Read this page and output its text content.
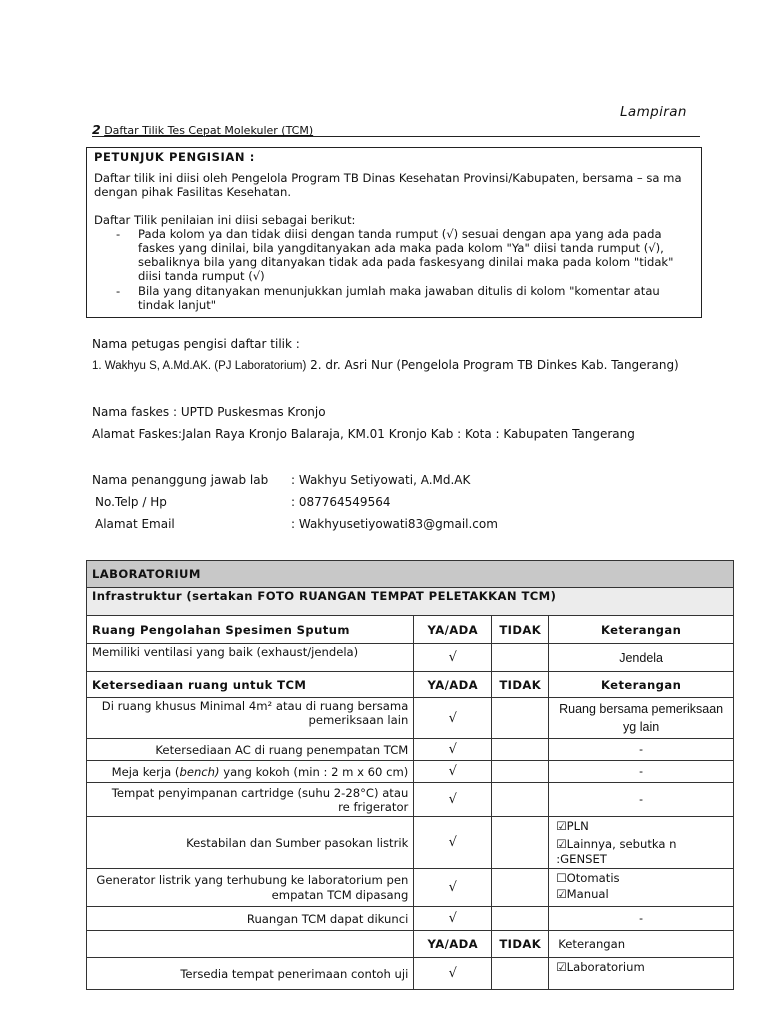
Lampiran
2 Daftar Tilik Tes Cepat Molekuler (TCM)
PETUNJUK PENGISIAN :

Daftar tilik ini diisi oleh Pengelola Program TB Dinas Kesehatan Provinsi/Kabupaten, bersama – sa ma dengan pihak Fasilitas Kesehatan.

Daftar Tilik penilaian ini diisi sebagai berikut:

- Pada kolom ya dan tidak diisi dengan tanda rumput (√) sesuai dengan apa yang ada pada faskes yang dinilai, bila yangditanyakan ada maka pada kolom "Ya" diisi tanda rumput (√), sebaliknya bila yang ditanyakan tidak ada pada faskesyang dinilai maka pada kolom "tidak" diisi tanda rumput (√)
- Bila yang ditanyakan menunjukkan jumlah maka jawaban ditulis di kolom "komentar atau tindak lanjut"
Nama petugas pengisi daftar tilik :
1. Wakhyu S, A.Md.AK. (PJ Laboratorium) 2. dr. Asri Nur (Pengelola Program TB Dinkes Kab. Tangerang)
Nama faskes : UPTD Puskesmas Kronjo
Alamat Faskes:Jalan Raya Kronjo Balaraja, KM.01 Kronjo Kab : Kota : Kabupaten Tangerang
Nama penanggung jawab lab : Wakhyu Setiyowati, A.Md.AK
No.Telp / Hp	: 087764549564
Alamat Email	: Wakhyusetiyowati83@gmail.com
LABORATORIUM			
Infrastruktur (sertakan FOTO RUANGAN TEMPAT PELETAKKAN TCM)			
Ruang Pengolahan Spesimen Sputum	YA/ADA	TIDAK	Keterangan
Memiliki ventilasi yang baik (exhaust/jendela)	√		Jendela
Ketersediaan ruang untuk TCM	YA/ADA	TIDAK	Keterangan
Di ruang khusus Minimal 4m² atau di ruang bersama pemeriksaan lain	√		Ruang bersama pemeriksaan yg lain
Ketersediaan AC di ruang penempatan TCM	√		-
Meja kerja (bench) yang kokoh (min : 2 m x 60 cm)	√		-
Tempat penyimpanan cartridge (suhu 2-28°C) atau re frigerator	√		-
Kestabilan dan Sumber pasokan listrik	√		☑PLN
☑Lainnya, sebutka n :GENSET

Generator listrik yang terhubung ke laboratorium pen empatan TCM dipasang	√		☐Otomatis
☑Manual

Ruangan TCM dapat dikunci	√		-
	YA/ADA	TIDAK	Keterangan
Tersedia tempat penerimaan contoh uji	√		☑Laboratorium
